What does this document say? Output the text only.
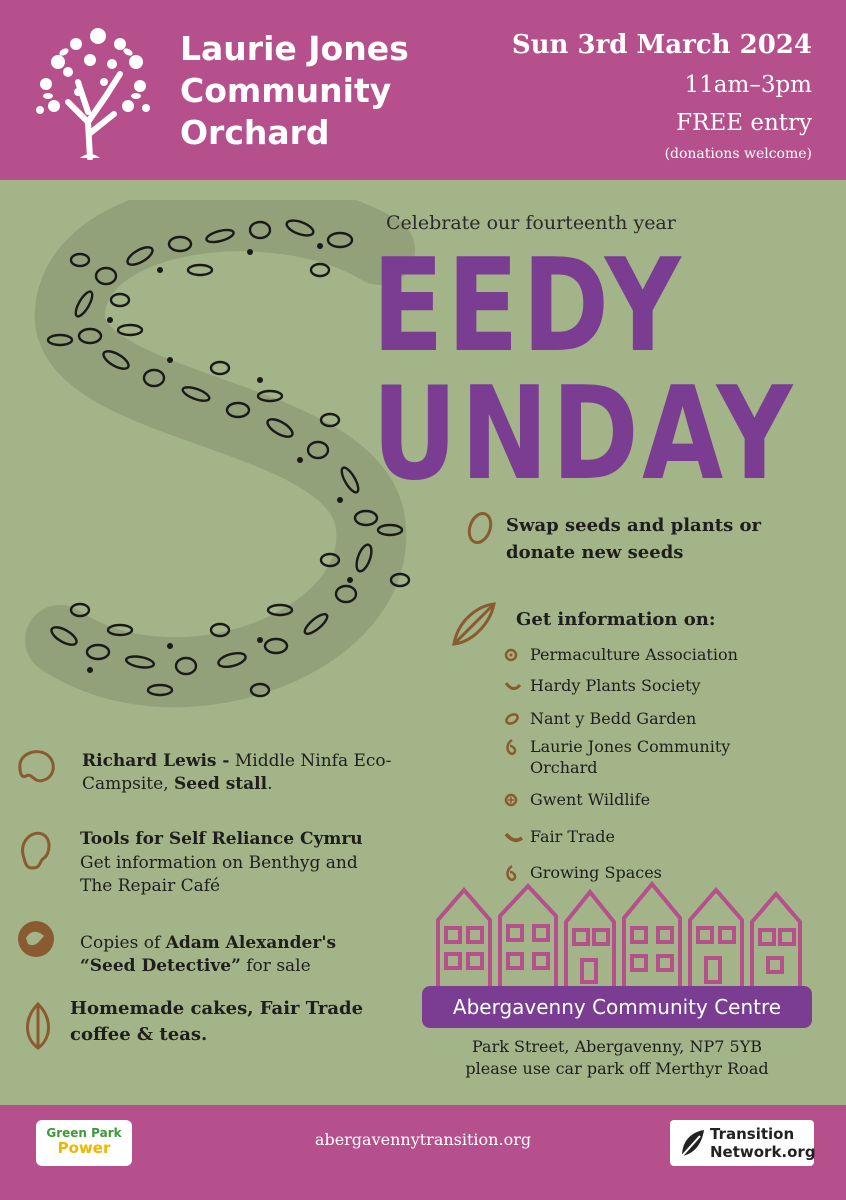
Laurie Jones Community Orchard
Sun 3rd March 2024
11am–3pm
FREE entry
(donations welcome)
Celebrate our fourteenth year
EEDY
UNDAY
Swap seeds and plants or donate new seeds
Get information on:
Permaculture Association
Hardy Plants Society
Nant y Bedd Garden
Laurie Jones Community Orchard
Gwent Wildlife
Fair Trade
Growing Spaces
Richard Lewis - Middle Ninfa Eco-Campsite, Seed stall.
Tools for Self Reliance Cymru
Get information on Benthyg and The Repair Café
Copies of Adam Alexander's
“Seed Detective” for sale
Homemade cakes, Fair Trade coffee & teas.
Abergavenny Community Centre
Park Street, Abergavenny, NP7 5YB
please use car park off Merthyr Road
Green Park
Power	abergavennytransition.org	Transition
Network.org
